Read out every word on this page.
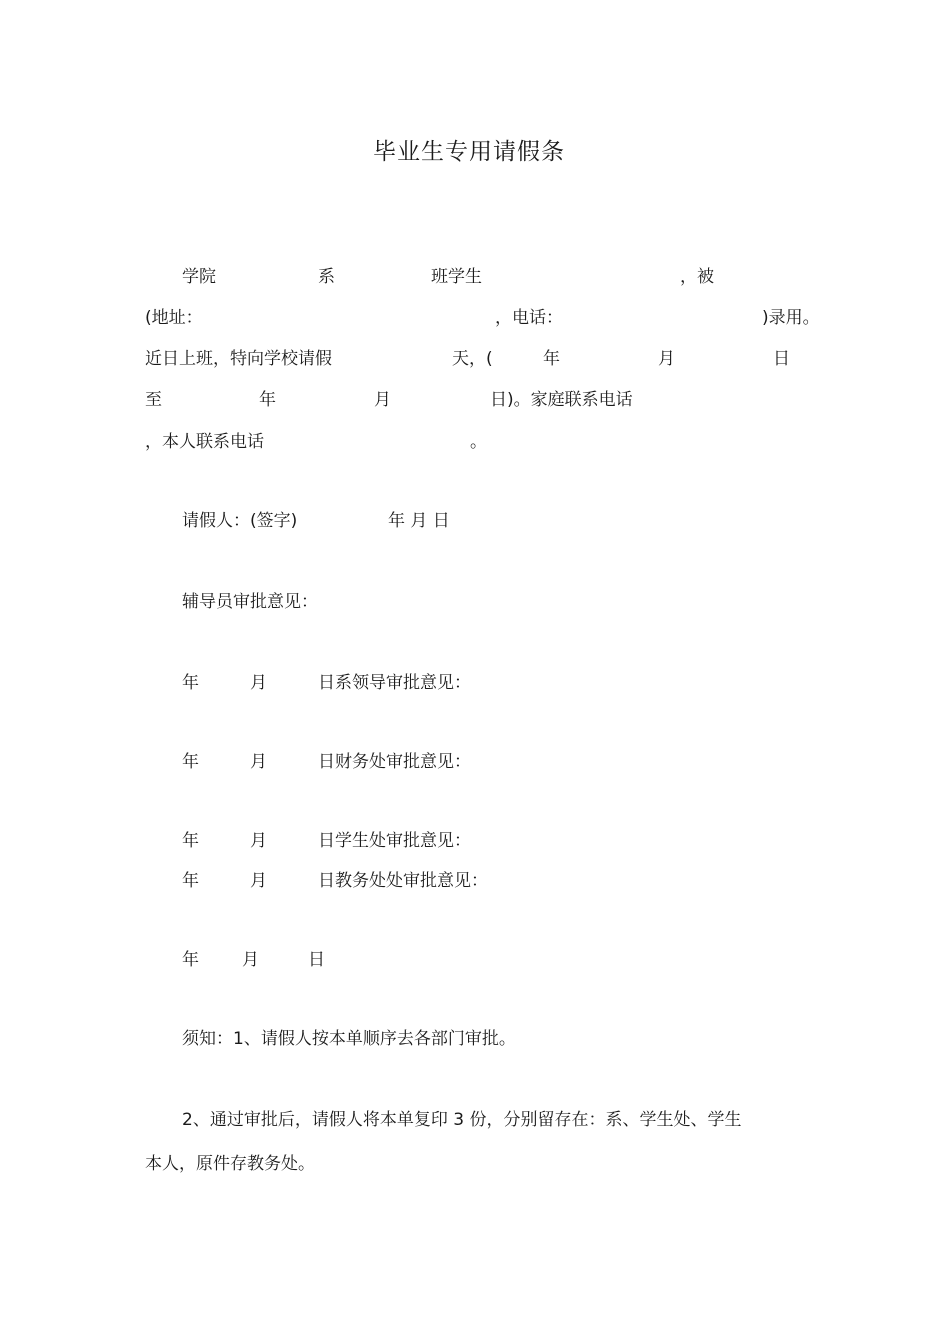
毕业生专用请假条
学院	系	班学生	，被
(地址：	，电话：	)录用。
近日上班，特向学校请假	天，(	年	月	日
至	年	月	日)。家庭联系电话
，本人联系电话	。
请假人：(签字)	年 月 日
辅导员审批意见：
年	月	日系领导审批意见：
年	月	日财务处审批意见：
年	月	日学生处审批意见：
年	月	日教务处处审批意见：
年	月	日
须知：1、请假人按本单顺序去各部门审批。
2、通过审批后，请假人将本单复印 3 份，分别留存在：系、学生处、学生
本人，原件存教务处。
